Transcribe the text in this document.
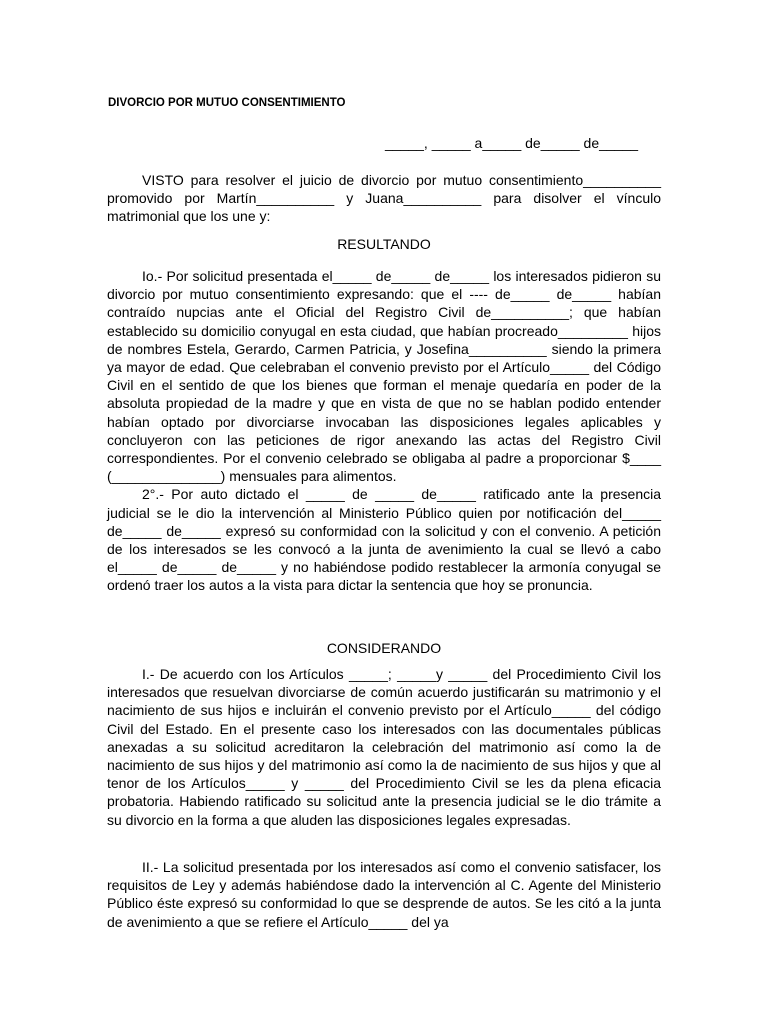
DIVORCIO POR MUTUO CONSENTIMIENTO
_____, _____ a_____ de_____ de_____

VISTO para resolver el juicio de divorcio por mutuo consentimiento__________ promovido por Martín__________ y Juana__________ para disolver el vínculo matrimonial que los une y:

RESULTANDO

Io.- Por solicitud presentada el_____ de_____ de_____ los interesados pidieron su divorcio por mutuo consentimiento expresando: que el ---- de_____ de_____ habían contraído nupcias ante el Oficial del Registro Civil de__________; que habían establecido su domicilio conyugal en esta ciudad, que habían procreado_________ hijos de nombres Estela, Gerardo, Carmen Patricia, y Josefina__________ siendo la primera ya mayor de edad. Que celebraban el convenio previsto por el Artículo_____ del Código Civil en el sentido de que los bienes que forman el menaje quedaría en poder de la absoluta propiedad de la madre y que en vista de que no se hablan podido entender habían optado por divorciarse invocaban las disposiciones legales aplicables y concluyeron con las peticiones de rigor anexando las actas del Registro Civil correspondientes. Por el convenio celebrado se obligaba al padre a proporcionar $____ (______________) mensuales para alimentos.

2°.- Por auto dictado el _____ de _____ de_____ ratificado ante la presencia judicial se le dio la intervención al Ministerio Público quien por notificación del_____ de_____ de_____ expresó su conformidad con la solicitud y con el convenio. A petición de los interesados se les convocó a la junta de avenimiento la cual se llevó a cabo el_____ de_____ de_____ y no habiéndose podido restablecer la armonía conyugal se ordenó traer los autos a la vista para dictar la sentencia que hoy se pronuncia.

CONSIDERANDO

I.- De acuerdo con los Artículos _____; _____y _____ del Procedimiento Civil los interesados que resuelvan divorciarse de común acuerdo justificarán su matrimonio y el nacimiento de sus hijos e incluirán el convenio previsto por el Artículo_____ del código Civil del Estado. En el presente caso los interesados con las documentales públicas anexadas a su solicitud acreditaron la celebración del matrimonio así como la de nacimiento de sus hijos y del matrimonio así como la de nacimiento de sus hijos y que al tenor de los Artículos_____ y _____ del Procedimiento Civil se les da plena eficacia probatoria. Habiendo ratificado su solicitud ante la presencia judicial se le dio trámite a su divorcio en la forma a que aluden las disposiciones legales expresadas.

II.- La solicitud presentada por los interesados así como el convenio satisfacer, los requisitos de Ley y además habiéndose dado la intervención al C. Agente del Ministerio Público éste expresó su conformidad lo que se desprende de autos. Se les citó a la junta de avenimiento a que se refiere el Artículo_____ del ya
